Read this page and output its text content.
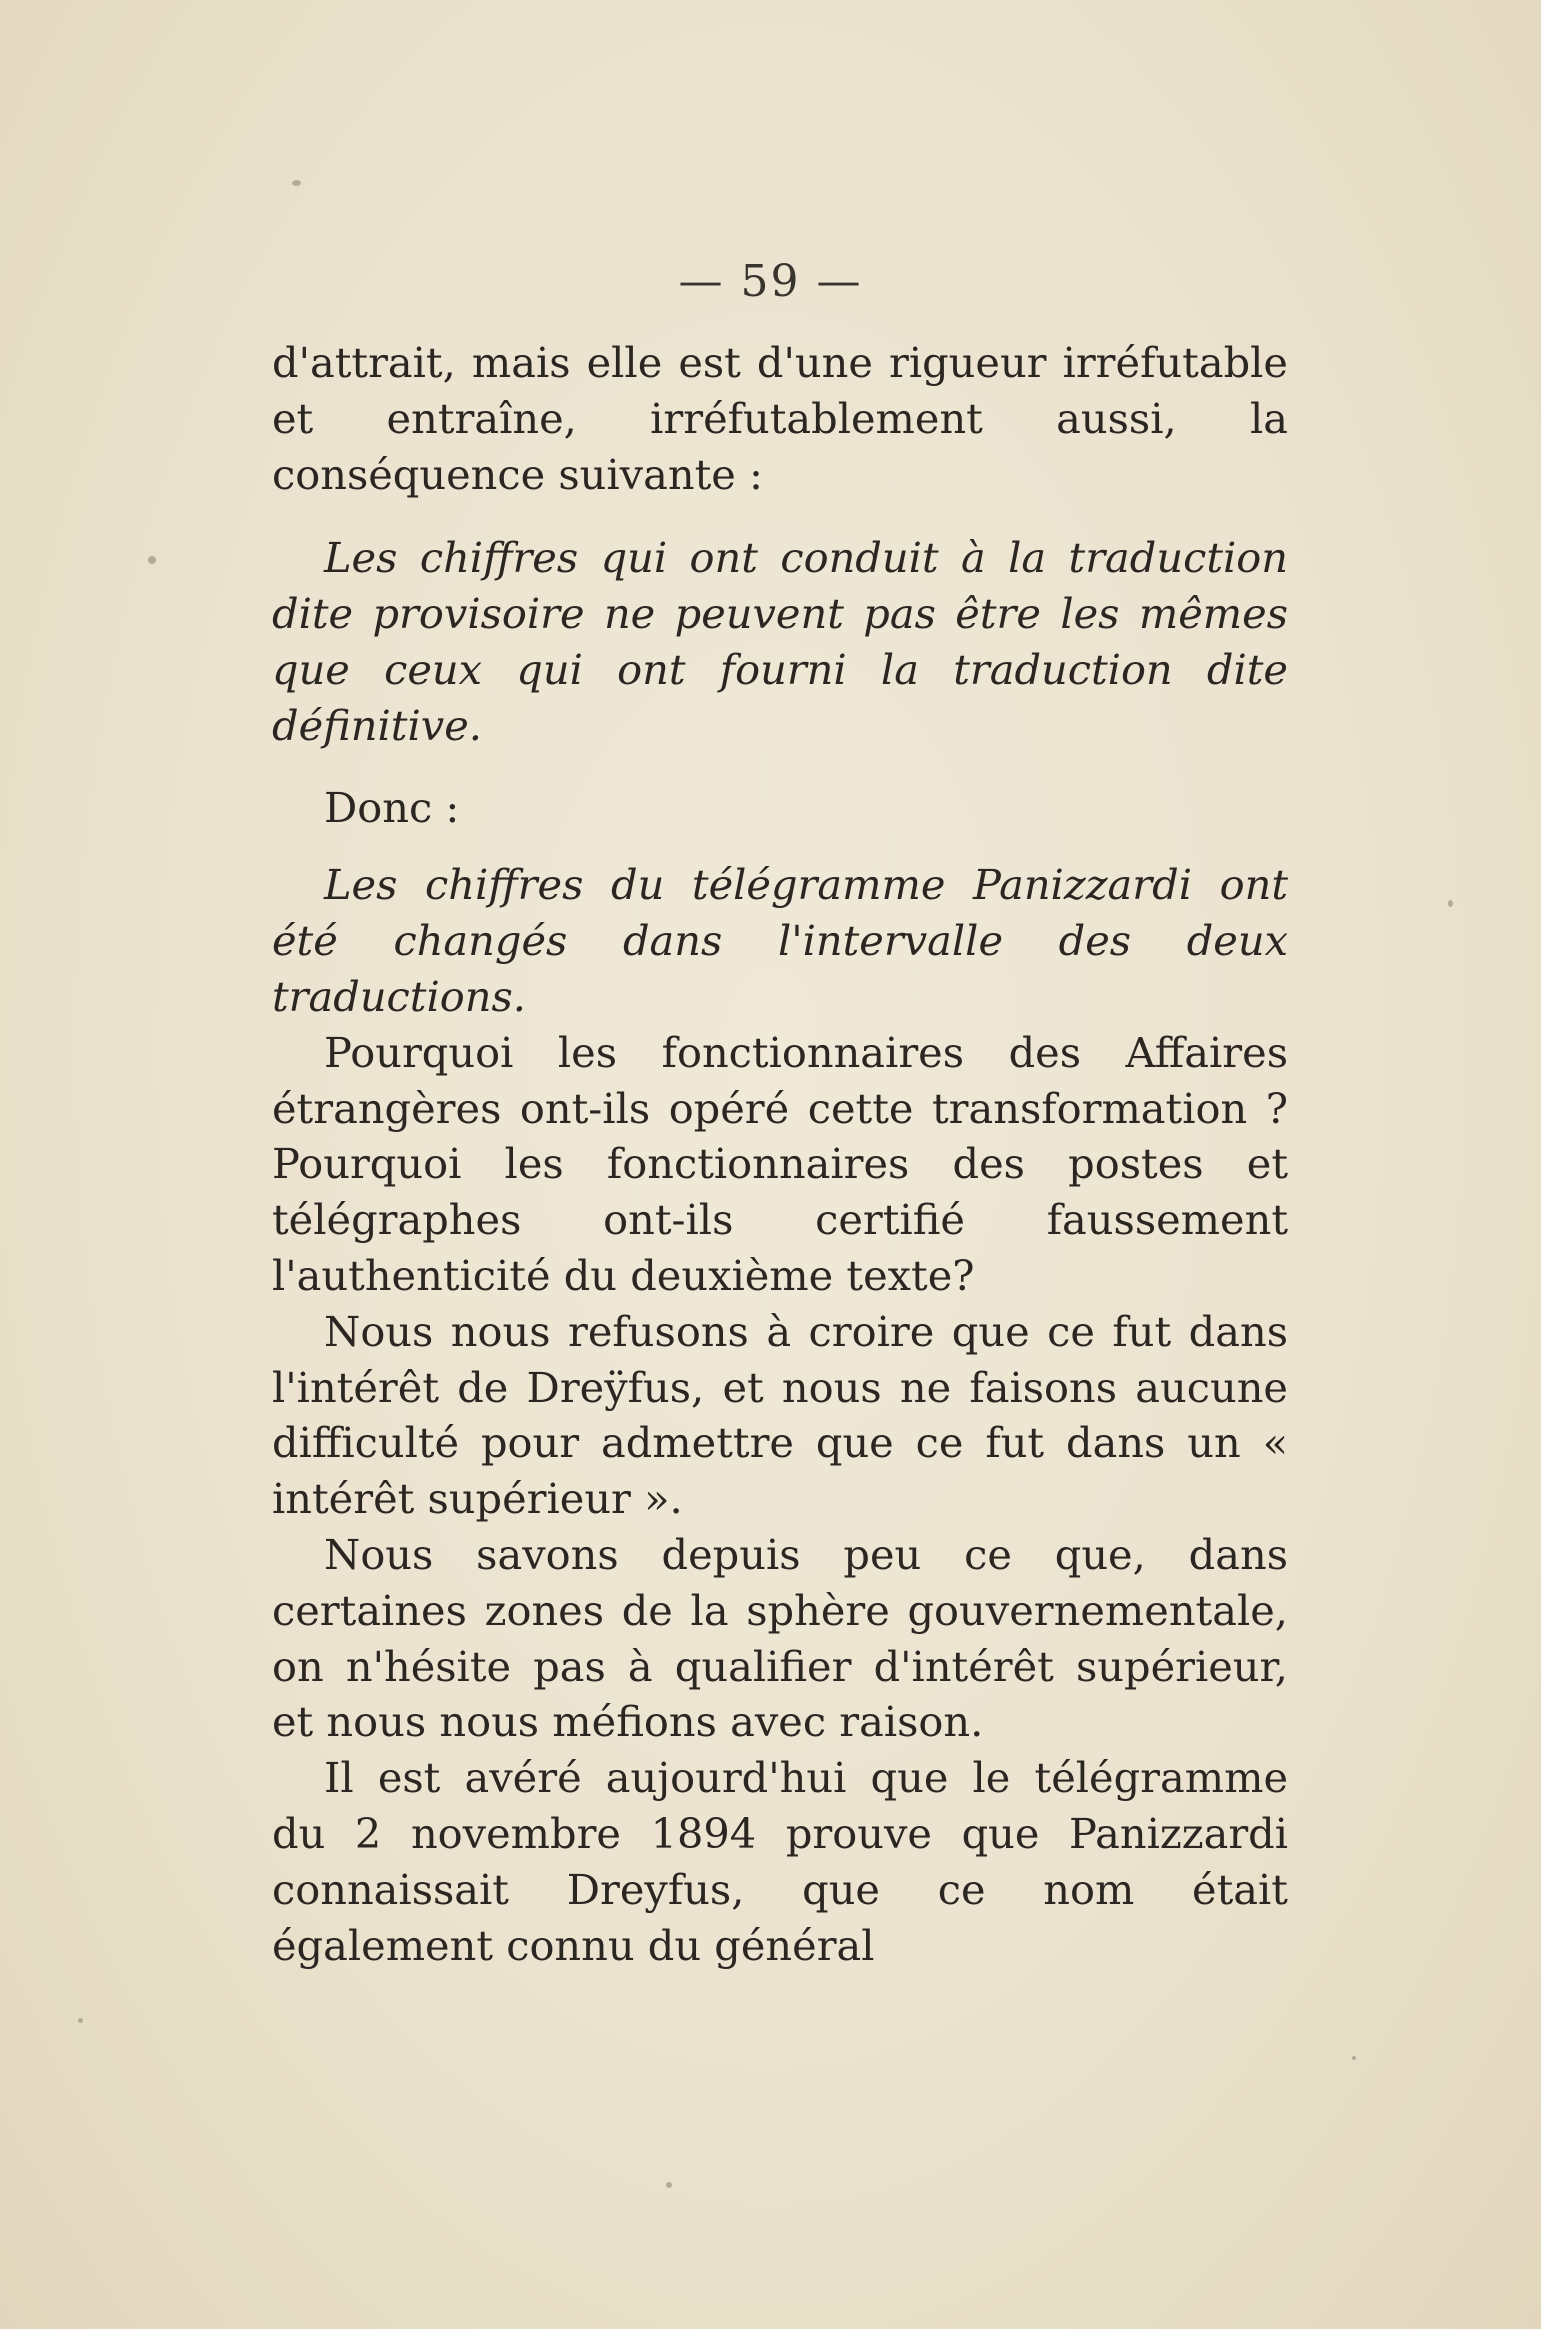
— 59 —

d'attrait, mais elle est d'une rigueur irréfutable et entraîne, irréfutablement aussi, la conséquence suivante :

Les chiffres qui ont conduit à la traduction dite provisoire ne peuvent pas être les mêmes que ceux qui ont fourni la traduction dite définitive.

Donc :

Les chiffres du télégramme Panizzardi ont été changés dans l'intervalle des deux traductions.

Pourquoi les fonctionnaires des Affaires étrangères ont-ils opéré cette transformation ? Pourquoi les fonctionnaires des postes et télégraphes ont-ils certifié faussement l'authenticité du deuxième texte?

Nous nous refusons à croire que ce fut dans l'intérêt de Dreÿfus, et nous ne faisons aucune difficulté pour admettre que ce fut dans un « intérêt supérieur ».

Nous savons depuis peu ce que, dans certaines zones de la sphère gouvernementale, on n'hésite pas à qualifier d'intérêt supérieur, et nous nous méfions avec raison.

Il est avéré aujourd'hui que le télégramme du 2 novembre 1894 prouve que Panizzardi connaissait Dreyfus, que ce nom était également connu du général
